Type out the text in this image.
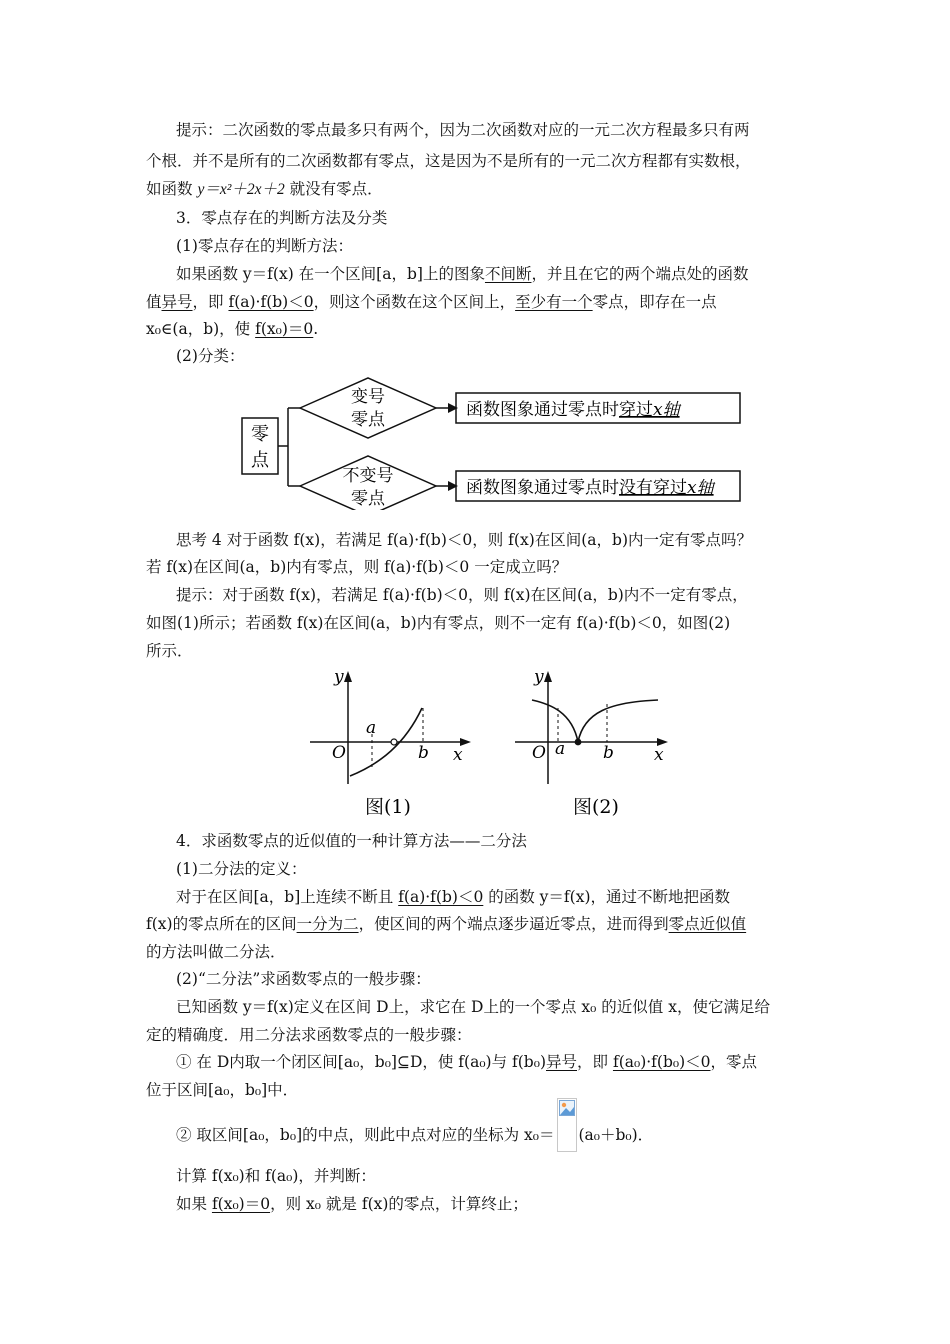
提示：二次函数的零点最多只有两个，因为二次函数对应的一元二次方程最多只有两
个根．并不是所有的二次函数都有零点，这是因为不是所有的一元二次方程都有实数根，
如函数 y＝x²＋2x＋2 就没有零点．
3．零点存在的判断方法及分类
(1)零点存在的判断方法：
如果函数 y＝f(x) 在一个区间[a，b]上的图象不间断，并且在它的两个端点处的函数
值异号，即 f(a)·f(b)＜0，则这个函数在这个区间上，至少有一个零点，即存在一点
x₀∈(a，b)，使 f(x₀)＝0.
(2)分类：
零
点
变号
零点	函数图象通过零点时穿过x轴
不变号
零点
函数图象通过零点时没有穿过x轴
思考 4 对于函数 f(x)，若满足 f(a)·f(b)＜0，则 f(x)在区间(a，b)内一定有零点吗？
若 f(x)在区间(a，b)内有零点，则 f(a)·f(b)＜0 一定成立吗？
提示：对于函数 f(x)，若满足 f(a)·f(b)＜0，则 f(x)在区间(a，b)内不一定有零点，
如图(1)所示；若函数 f(x)在区间(a，b)内有零点，则不一定有 f(a)·f(b)＜0，如图(2)
所示．
y
x
O
a
b
图(1)
y
x
O a b
图(2)
4．求函数零点的近似值的一种计算方法——二分法
(1)二分法的定义：
对于在区间[a，b]上连续不断且 f(a)·f(b)＜0 的函数 y＝f(x)，通过不断地把函数
f(x)的零点所在的区间一分为二，使区间的两个端点逐步逼近零点，进而得到零点近似值
的方法叫做二分法．
(2)“二分法”求函数零点的一般步骤：
已知函数 y＝f(x)定义在区间 D上，求它在 D上的一个零点 x₀ 的近似值 x，使它满足给
定的精确度．用二分法求函数零点的一般步骤：
① 在 D内取一个闭区间[a₀，b₀]⊆D，使 f(a₀)与 f(b₀)异号，即 f(a₀)·f(b₀)＜0，零点
位于区间[a₀，b₀]中．
② 取区间[a₀，b₀]的中点，则此中点对应的坐标为 x₀＝ (a₀＋b₀)．
计算 f(x₀)和 f(a₀)，并判断：
如果 f(x₀)＝0，则 x₀ 就是 f(x)的零点，计算终止；
